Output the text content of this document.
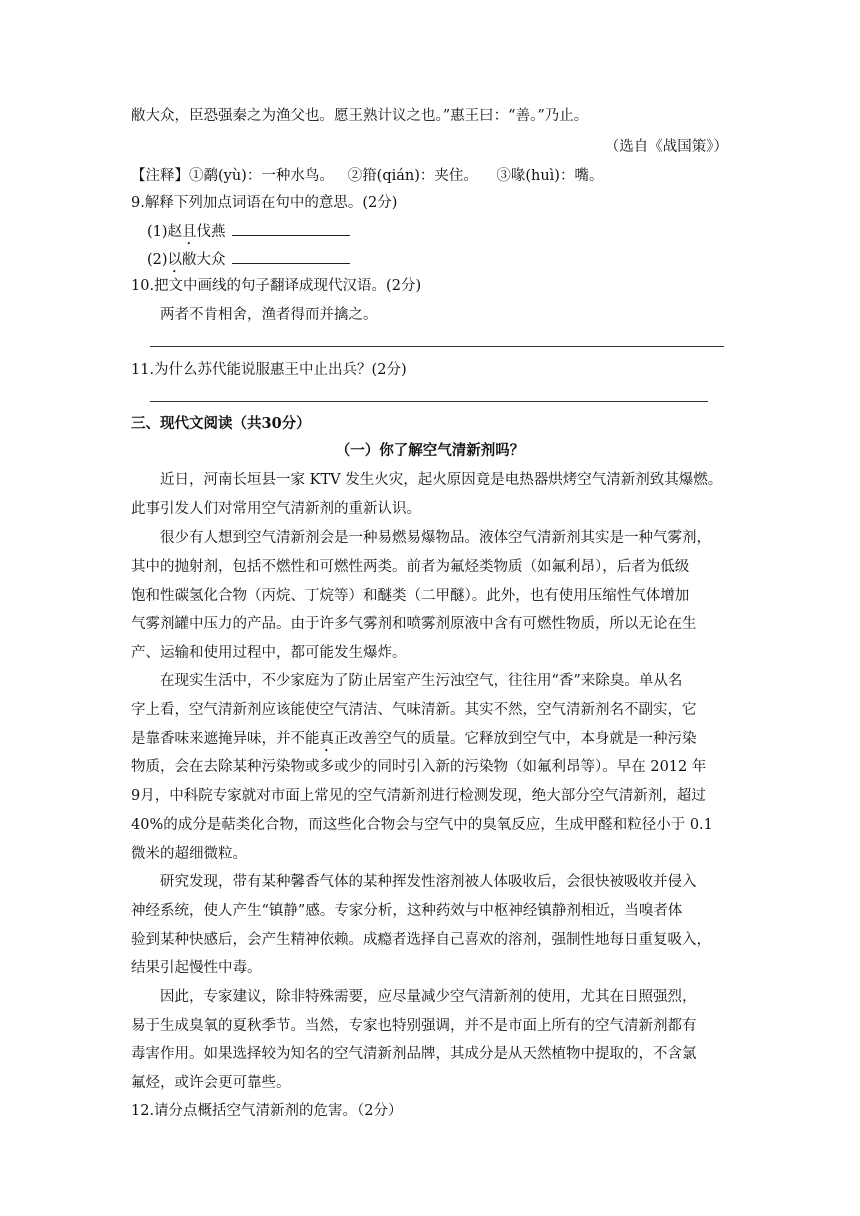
敝大众，臣恐强秦之为渔父也。愿王熟计议之也。”惠王曰：“善。”乃止。
（选自《战国策》）
【注释】①鹬(yù)：一种水鸟。   ②箝(qián)：夹住。    ③喙(huì)：嘴。
9.解释下列加点词语在句中的意思。(2分)
(1)赵且伐燕
(2)以敝大众
10.把文中画线的句子翻译成现代汉语。(2分)
两者不肯相舍，渔者得而并擒之。
11.为什么苏代能说服惠王中止出兵？(2分)
三、现代文阅读（共30分）
（一）你了解空气清新剂吗？
近日，河南长垣县一家 KTV 发生火灾，起火原因竟是电热器烘烤空气清新剂致其爆燃。
此事引发人们对常用空气清新剂的重新认识。
很少有人想到空气清新剂会是一种易燃易爆物品。液体空气清新剂其实是一种气雾剂，
其中的抛射剂，包括不燃性和可燃性两类。前者为氟烃类物质（如氟利昂），后者为低级
饱和性碳氢化合物（丙烷、丁烷等）和醚类（二甲醚）。此外，也有使用压缩性气体增加
气雾剂罐中压力的产品。由于许多气雾剂和喷雾剂原液中含有可燃性物质，所以无论在生
产、运输和使用过程中，都可能发生爆炸。
在现实生活中，不少家庭为了防止居室产生污浊空气，往往用“香”来除臭。单从名
字上看，空气清新剂应该能使空气清洁、气味清新。其实不然，空气清新剂名不副实，它
是靠香味来遮掩异味，并不能真正改善空气的质量。它释放到空气中，本身就是一种污染
物质，会在去除某种污染物或多或少的同时引入新的污染物（如氟利昂等）。早在 2012 年
9月，中科院专家就对市面上常见的空气清新剂进行检测发现，绝大部分空气清新剂，超过
40%的成分是萜类化合物，而这些化合物会与空气中的臭氧反应，生成甲醛和粒径小于 0.1
微米的超细微粒。
研究发现，带有某种馨香气体的某种挥发性溶剂被人体吸收后，会很快被吸收并侵入
神经系统，使人产生“镇静”感。专家分析，这种药效与中枢神经镇静剂相近，当嗅者体
验到某种快感后，会产生精神依赖。成瘾者选择自己喜欢的溶剂，强制性地每日重复吸入，
结果引起慢性中毒。
因此，专家建议，除非特殊需要，应尽量减少空气清新剂的使用，尤其在日照强烈，
易于生成臭氧的夏秋季节。当然，专家也特别强调，并不是市面上所有的空气清新剂都有
毒害作用。如果选择较为知名的空气清新剂品牌，其成分是从天然植物中提取的，不含氯
氟烃，或许会更可靠些。
12.请分点概括空气清新剂的危害。（2分）
